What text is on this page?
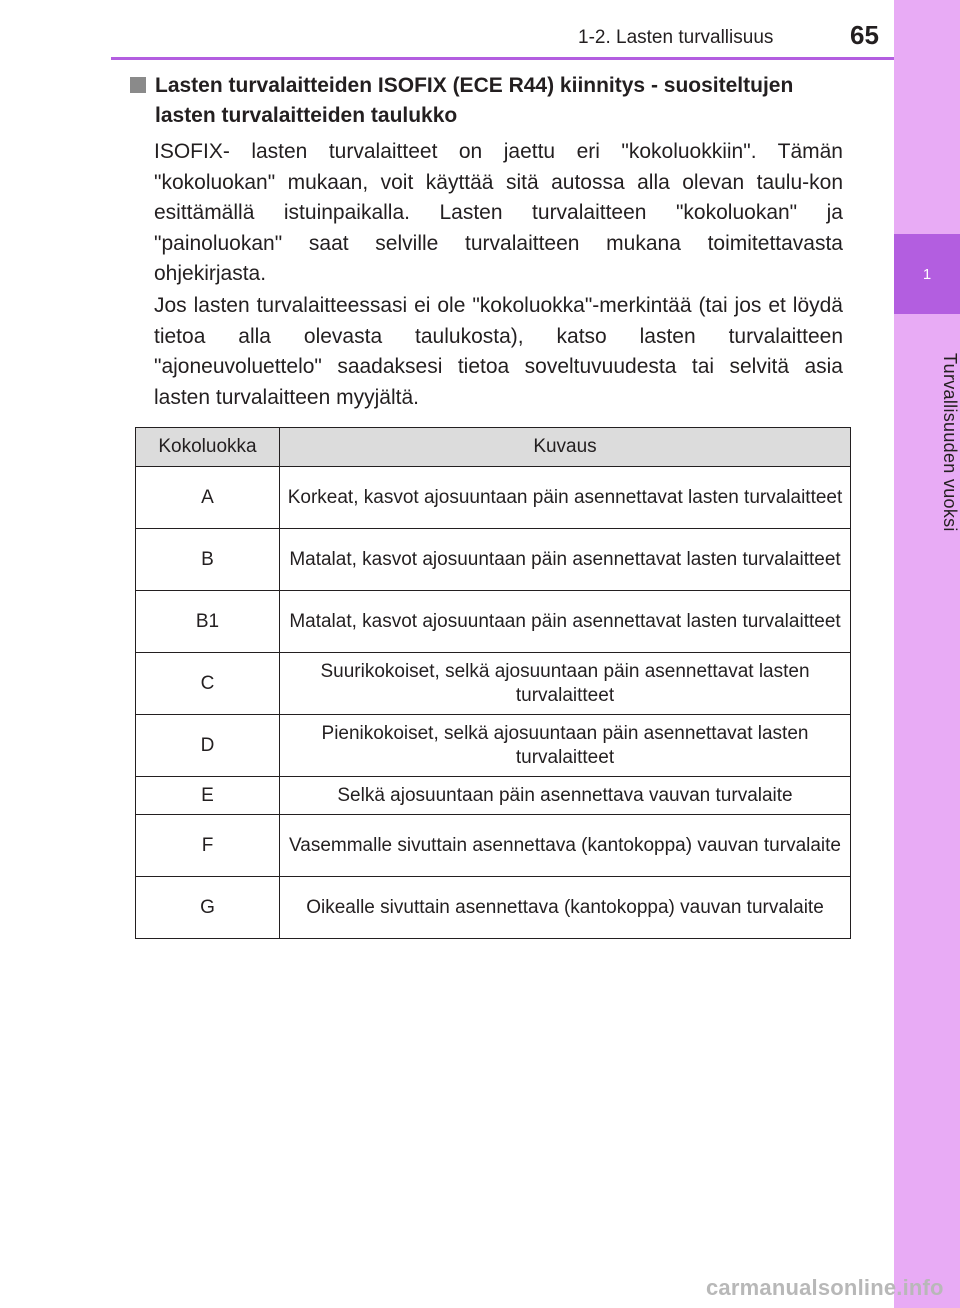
1
Turvallisuuden vuoksi
1-2. Lasten turvallisuus	65
Lasten turvalaitteiden ISOFIX (ECE R44) kiinnitys - suositeltujen lasten turvalaitteiden taulukko

ISOFIX- lasten turvalaitteet on jaettu eri "kokoluokkiin". Tämän "kokoluokan" mukaan, voit käyttää sitä autossa alla olevan taulu-kon esittämällä istuinpaikalla. Lasten turvalaitteen "kokoluokan" ja "painoluokan" saat selville turvalaitteen mukana toimitettavasta ohjekirjasta.

Jos lasten turvalaitteessasi ei ole "kokoluokka"-merkintää (tai jos et löydä tietoa alla olevasta taulukosta), katso lasten turvalaitteen "ajoneuvoluettelo" saadaksesi tietoa soveltuvuudesta tai selvitä asia lasten turvalaitteen myyjältä.

Kokoluokka	Kuvaus
A	Korkeat, kasvot ajosuuntaan päin asennettavat lasten turvalaitteet
B	Matalat, kasvot ajosuuntaan päin asennettavat lasten turvalaitteet
B1	Matalat, kasvot ajosuuntaan päin asennettavat lasten turvalaitteet
C	Suurikokoiset, selkä ajosuuntaan päin asennettavat lasten turvalaitteet
D	Pienikokoiset, selkä ajosuuntaan päin asennettavat lasten turvalaitteet
E	Selkä ajosuuntaan päin asennettava vauvan turvalaite
F	Vasemmalle sivuttain asennettava (kantokoppa) vauvan turvalaite
G	Oikealle sivuttain asennettava (kantokoppa) vauvan turvalaite
carmanualsonline.info
